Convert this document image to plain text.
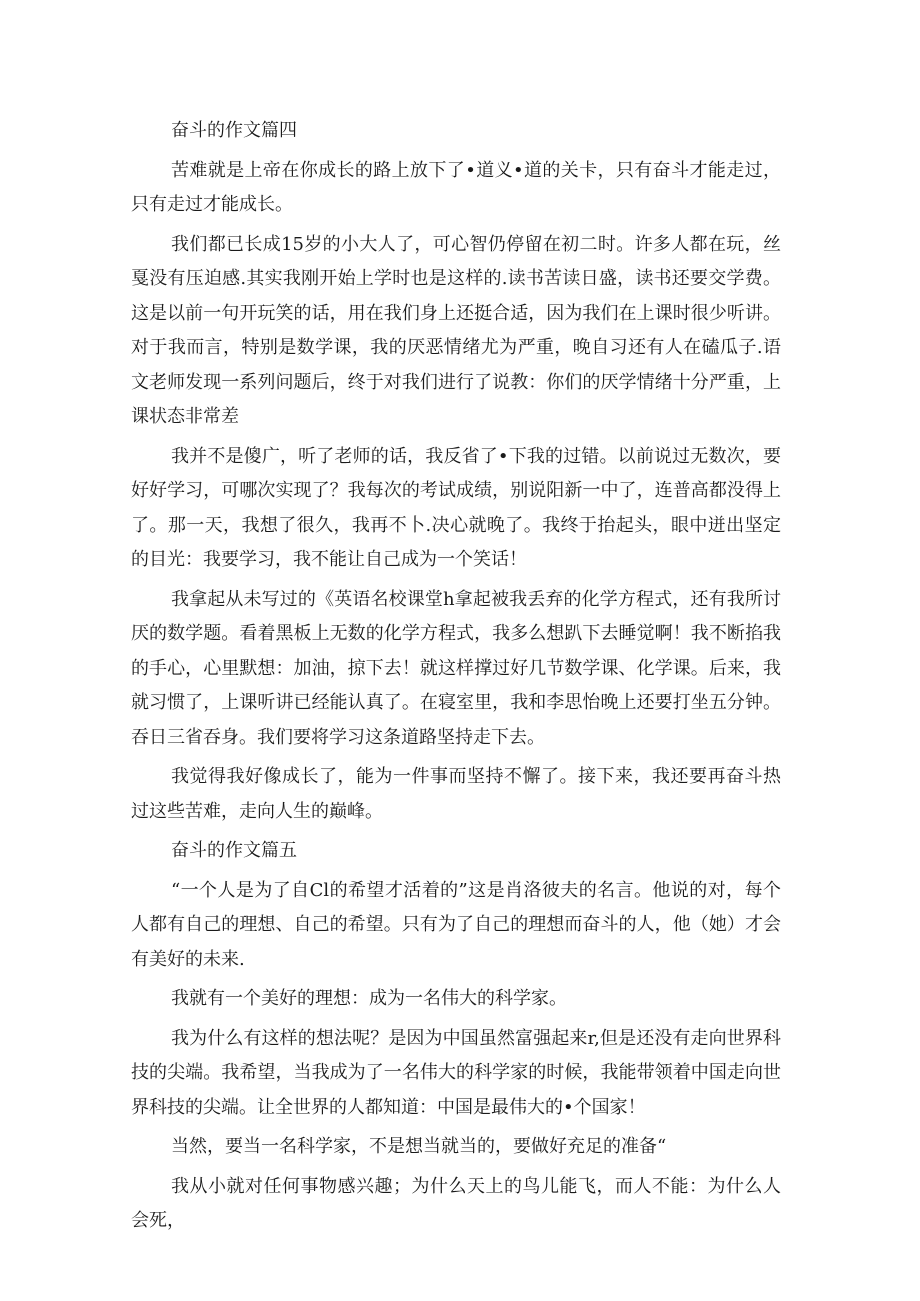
奋斗的作文篇四

苦难就是上帝在你成长的路上放下了•道义•道的关卡，只有奋斗才能走过，只有走过才能成长。

我们都已长成15岁的小大人了，可心智仍停留在初二时。许多人都在玩，丝戛没有压迫感.其实我刚开始上学时也是这样的.读书苦读日盛，读书还要交学费。这是以前一句开玩笑的话，用在我们身上还挺合适，因为我们在上课时很少听讲。对于我而言，特别是数学课，我的厌恶情绪尤为严重，晚自习还有人在磕瓜子.语文老师发现一系列问题后，终于对我们进行了说教：你们的厌学情绪十分严重，上课状态非常差

我并不是傻广，听了老师的话，我反省了•下我的过错。以前说过无数次，要好好学习，可哪次实现了？我每次的考试成绩，别说阳新一中了，连普高都没得上了。那一天，我想了很久，我再不卜.决心就晚了。我终于抬起头，眼中迸出坚定的目光：我要学习，我不能让自己成为一个笑话！

我拿起从未写过的《英语名校课堂h拿起被我丢弃的化学方程式，还有我所讨厌的数学题。看着黑板上无数的化学方程式，我多么想趴下去睡觉啊！我不断掐我的手心，心里默想：加油，掠下去！就这样撑过好几节数学课、化学课。后来，我就习惯了，上课听讲已经能认真了。在寝室里，我和李思怡晚上还要打坐五分钟。吞日三省吞身。我们要将学习这条道路坚持走下去。

我觉得我好像成长了，能为一件事而坚持不懈了。接下来，我还要再奋斗热过这些苦难，走向人生的巅峰。

奋斗的作文篇五

“一个人是为了自Cl的希望才活着的”这是肖洛彼夫的名言。他说的对，每个人都有自己的理想、自己的希望。只有为了自己的理想而奋斗的人，他（她）才会有美好的未来.

我就有一个美好的理想：成为一名伟大的科学家。

我为什么有这样的想法呢？是因为中国虽然富强起来r,但是还没有走向世界科技的尖端。我希望，当我成为了一名伟大的科学家的时候，我能带领着中国走向世界科技的尖端。让全世界的人都知道：中国是最伟大的•个国家！

当然，要当一名科学家，不是想当就当的，要做好充足的准备“

我从小就对任何事物感兴趣；为什么天上的鸟儿能飞，而人不能：为什么人会死，
